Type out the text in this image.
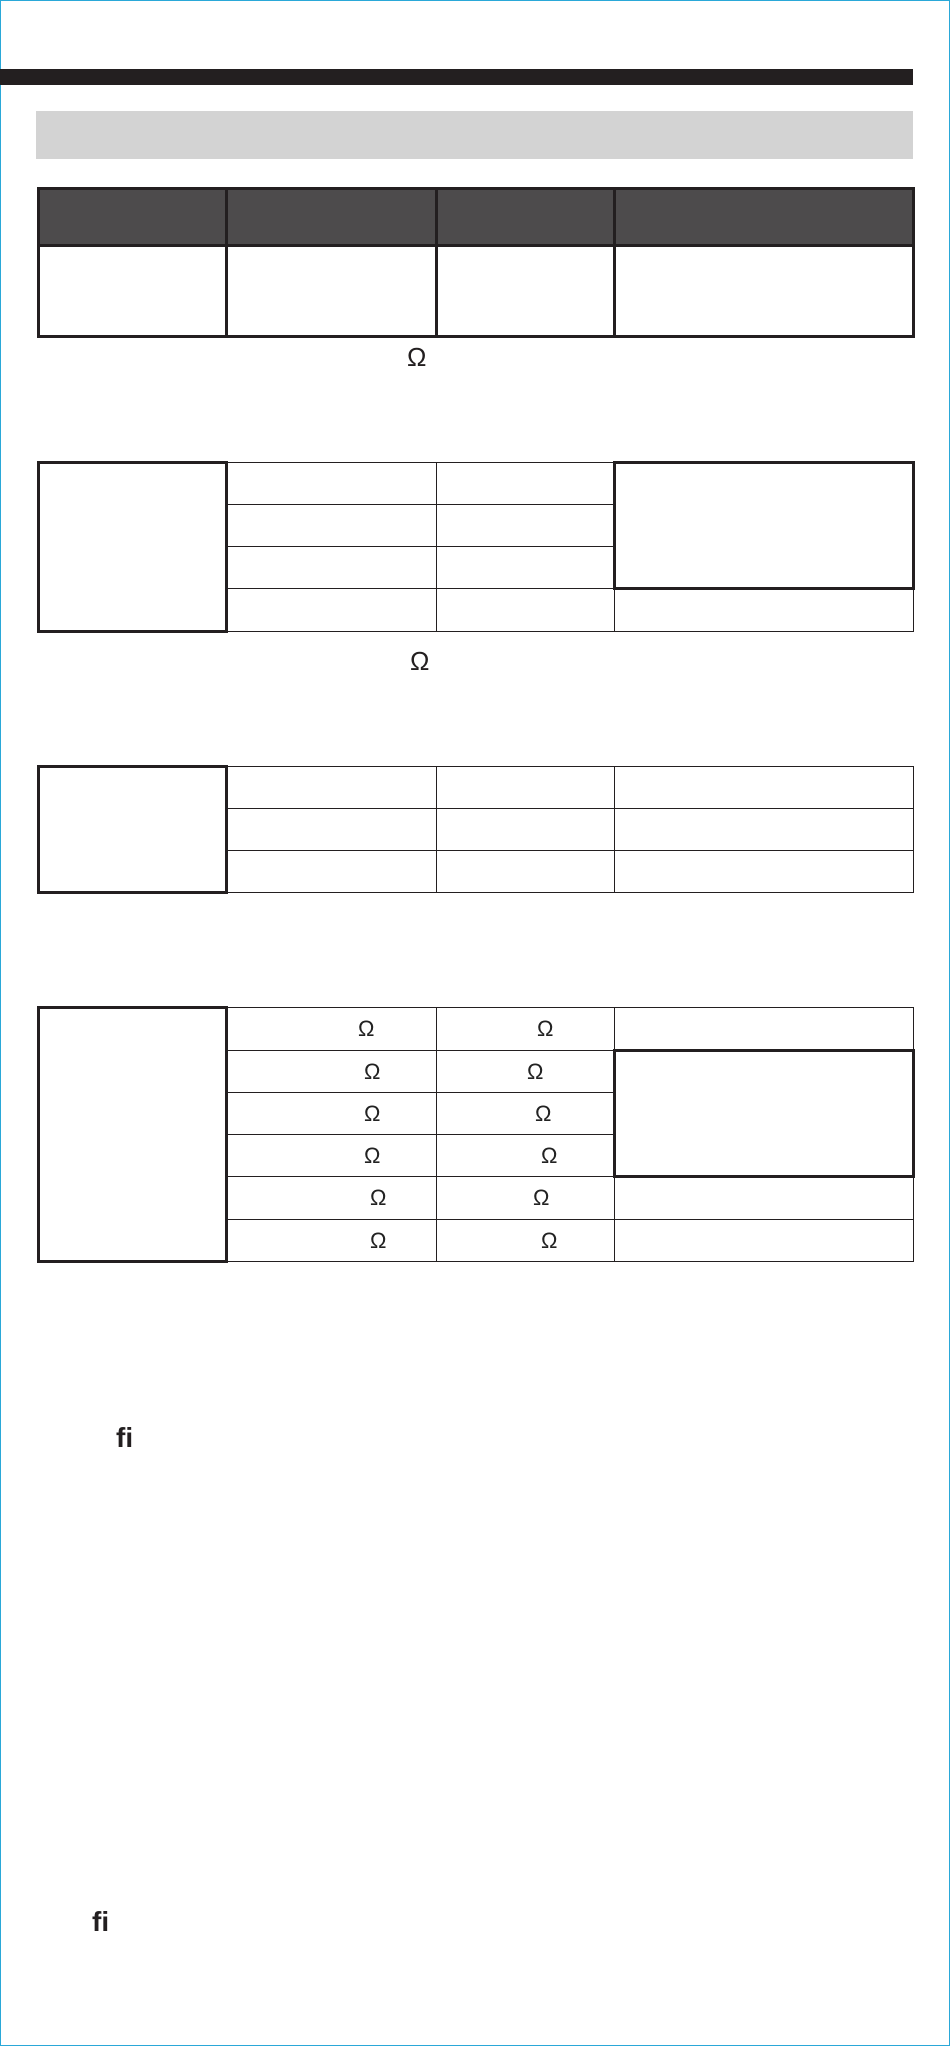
Ω

Ω

	Ω	Ω	

	Ω	Ω	

	Ω	Ω	

	Ω	Ω	

	Ω	Ω	

	Ω	Ω	

fi
fi
